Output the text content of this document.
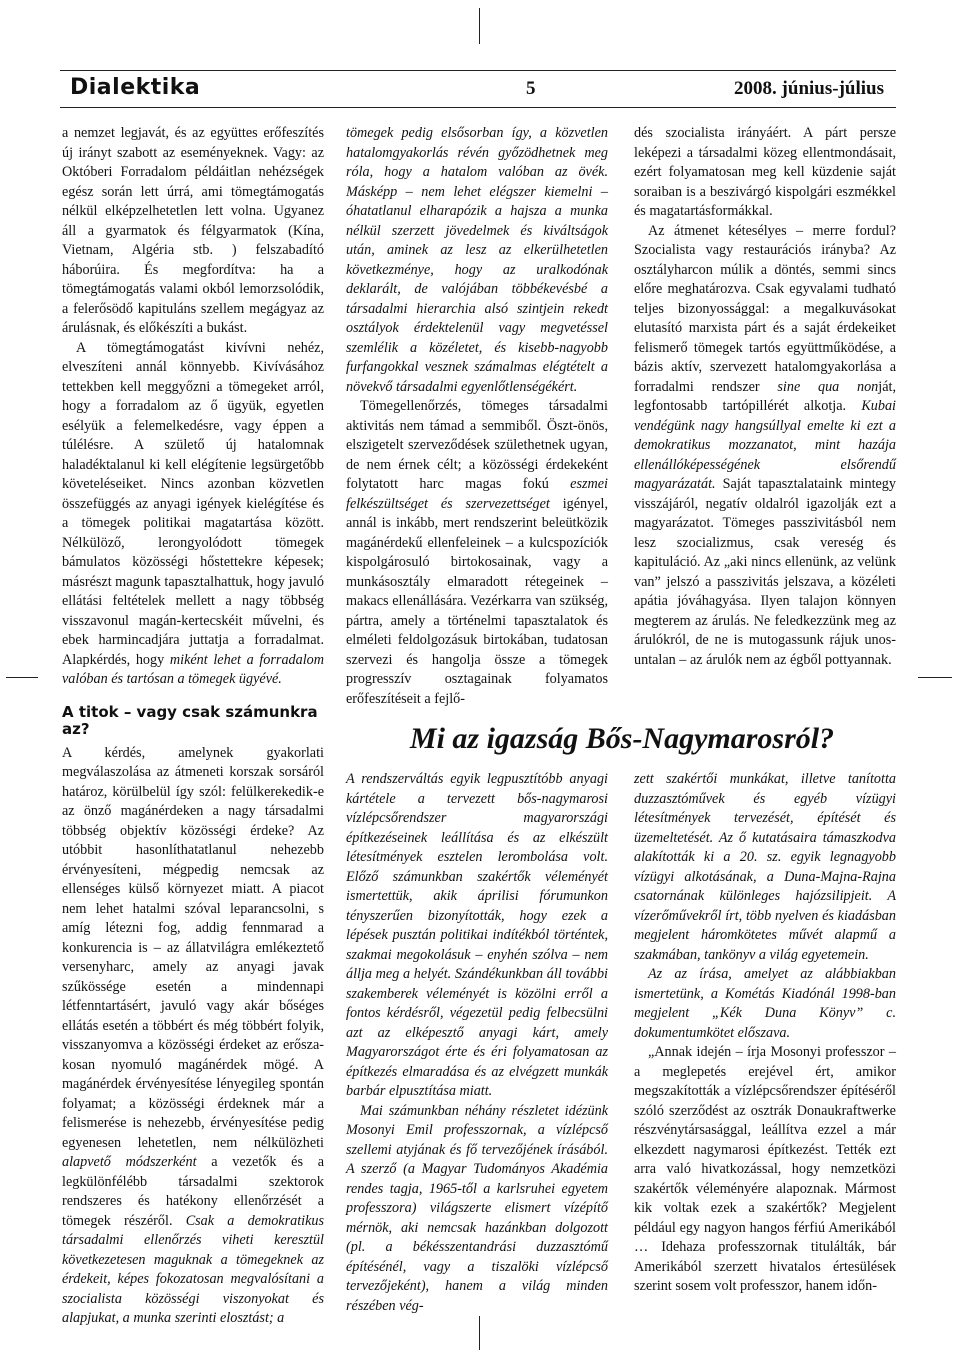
Dialektika	5	2008. június-július

a nemzet legjavát, és az együttes erőfeszítés új irányt szabott az eseményeknek. Vagy: az Októberi Forradalom példáitlan nehézségek egész során lett úrrá, ami tömegtámogatás nélkül elképzelhetetlen lett volna. Ugyanez áll a gyarmatok és félgyarmatok (Kína, Vietnam, Algéria stb. ) felszabadító háborúira. És megfordítva: ha a tömegtámogatás valami okból lemorzsolódik, a felerősödő kapituláns szellem megágyaz az árulásnak, és előkészíti a bukást.

A tömegtámogatást kivívni nehéz, elveszíteni annál könnyebb. Kivívásához tettekben kell meggyőzni a tömegeket arról, hogy a forradalom az ő ügyük, egyetlen esélyük a felemelkedésre, vagy éppen a túlélésre. A születő új hatalomnak haladéktalanul ki kell elégítenie legsürgetőbb követeléseiket. Nincs azonban közvetlen összefüggés az anyagi igények kielégítése és a tömegek politikai magatartása között. Nélkülöző, lerongyolódott tömegek bámulatos közösségi hőstettekre képesek; másrészt magunk tapasztalhattuk, hogy javuló ellátási feltételek mellett a nagy többség visszavonul magán-kertecskéit művelni, és ebek harmincadjára juttatja a forradalmat. Alapkérdés, hogy miként lehet a forradalom valóban és tartósan a tömegek ügyévé.

A titok – vagy csak számunkra az?

A kérdés, amelynek gyakorlati megválaszolása az átmeneti korszak sorsáról határoz, körülbelül így szól: felülkerekedik-e az önző magánérdeken a nagy társadalmi többség objektív közösségi érdeke? Az utóbbit hasonlíthatatlanul nehezebb érvényesíteni, mégpedig nemcsak az ellenséges külső környezet miatt. A piacot nem lehet hatalmi szóval leparancsolni, s amíg létezni fog, addig fennmarad a konkurencia is – az állatvilágra emlékeztető versenyharc, amely az anyagi javak szűkössége esetén a mindennapi létfenntartásért, javuló vagy akár bőséges ellátás esetén a többért és még többért folyik, visszanyomva a közösségi érdeket az erősza-kosan nyomuló magánérdek mögé. A magánérdek érvényesítése lényegileg spontán folyamat; a közösségi érdeknek már a felismerése is nehezebb, érvényesítése pedig egyenesen lehetetlen, nem nélkülözheti alapvető módszerként a vezetők és a legkülönfélébb társadalmi szektorok rendszeres és hatékony ellenőrzését a tömegek részéről. Csak a demokratikus társadalmi ellenőrzés viheti keresztül következetesen maguknak a tömegeknek az érdekeit, képes fokozatosan megvalósítani a szocialista közösségi viszonyokat és alapjukat, a munka szerinti elosztást; a

tömegek pedig elsősorban így, a közvetlen hatalomgyakorlás révén győzödhetnek meg róla, hogy a hatalom valóban az övék. Másképp – nem lehet elégszer kiemelni – óhatatlanul elharapózik a hajsza a munka nélkül szerzett jövedelmek és kiváltságok után, aminek az lesz az elkerülhetetlen következménye, hogy az uralkodónak deklarált, de valójában többékevésbé a társadalmi hierarchia alsó szintjein rekedt osztályok érdektelenül vagy megvetéssel szemlélik a közéletet, és kisebb-nagyobb furfangokkal vesznek számalmas elégtételt a növekvő társadalmi egyenlőtlenségékért.

Tömegellenőrzés, tömeges társadalmi aktivitás nem támad a semmiből. Öszt-önös, elszigetelt szerveződések születhetnek ugyan, de nem érnek célt; a közösségi érdekeként folytatott harc magas fokú eszmei felkészültséget és szervezettséget igényel, annál is inkább, mert rendszerint beleütközik magánérdekű ellenfeleinek – a kulcspozíciók kispolgárosuló birtokosainak, vagy a munkásosztály elmaradott rétegeinek – makacs ellenállására. Vezérkarra van szükség, pártra, amely a történelmi tapasztalatok és elméleti feldolgozásuk birtokában, tudatosan szervezi és hangolja össze a tömegek progresszív osztagainak folyamatos erőfeszítéseit a fejlő-

dés szocialista irányáért. A párt persze leképezi a társadalmi közeg ellentmondásait, ezért folyamatosan meg kell küzdenie saját soraiban is a beszivárgó kispolgári eszmékkel és magatartásformákkal.

Az átmenet kétesélyes – merre fordul? Szocialista vagy restaurációs irányba? Az osztályharcon múlik a döntés, semmi sincs előre meghatározva. Csak egyvalami tudható teljes bizonyossággal: a megalkuvásokat elutasító marxista párt és a saját érdekeiket felismerő tömegek tartós együttműködése, a bázis aktív, szervezett hatalomgyakorlása a forradalmi rendszer sine qua nonját, legfontosabb tartópillérét alkotja. Kubai vendégünk nagy hangsúllyal emelte ki ezt a demokratikus mozzanatot, mint hazája ellenállóképességének elsőrendű magyarázatát. Saját tapasztalataink mintegy visszájáról, negatív oldalról igazolják ezt a magyarázatot. Tömeges passzivitásból nem lesz szocializmus, csak vereség és kapituláció. Az „aki nincs ellenünk, az velünk van” jelszó a passzivitás jelszava, a közéleti apátia jóváhagyása. Ilyen talajon könnyen megterem az árulás. Ne feledkezzünk meg az árulókról, de ne is mutogassunk rájuk unos-untalan – az árulók nem az égből pottyannak.

Mi az igazság Bős-Nagymarosról?

A rendszerváltás egyik legpusztítóbb anyagi kártétele a tervezett bős-nagymarosi vízlépcsőrendszer magyarországi építkezéseinek leállítása és az elkészült létesítmények esztelen lerombolása volt. Előző számunkban szakértők véleményét ismertettük, akik áprilisi fórumunkon tényszerűen bizonyították, hogy ezek a lépések pusztán politikai indítékból történtek, szakmai megokolásuk – enyhén szólva – nem állja meg a helyét. Szándékunkban áll további szakemberek véleményét is közölni erről a fontos kérdésről, végezetül pedig felbecsülni azt az elképesztő anyagi kárt, amely Magyarországot érte és éri folyamatosan az építkezés elmaradása és az elvégzett munkák barbár elpusztítása miatt.

Mai számunkban néhány részletet idézünk Mosonyi Emil professzornak, a vízlépcső szellemi atyjának és fő tervezőjének írásából. A szerző (a Magyar Tudományos Akadémia rendes tagja, 1965-től a karlsruhei egyetem professzora) világszerte elismert vízépítő mérnök, aki nemcsak hazánkban dolgozott (pl. a békésszentandrási duzzasztómű építésénél, vagy a tiszalöki vízlépcső tervezőjeként), hanem a világ minden részében vég-

zett szakértői munkákat, illetve tanította duzzasztóművek és egyéb vízügyi létesítmények tervezését, építését és üzemeltetését. Az ő kutatásaira támaszkodva alakították ki a 20. sz. egyik legnagyobb vízügyi alkotásának, a Duna-Majna-Rajna csatornának különleges hajózsilipjeit. A vízerőművekről írt, több nyelven és kiadásban megjelent háromkötetes művét alapmű a szakmában, tankönyv a világ egyetemein.

Az az írása, amelyet az alábbiakban ismertetünk, a Kométás Kiadónál 1998-ban megjelent „Kék Duna Könyv” c. dokumentumkötet előszava.

„Annak idején – írja Mosonyi professzor – a meglepetés erejével ért, amikor megszakították a vízlépcsőrendszer építéséről szóló szerződést az osztrák Donaukraftwerke részvénytársasággal, leállítva ezzel a már elkezdett nagymarosi építkezést. Tették ezt arra való hivatkozással, hogy nemzetközi szakértők véleményére alapoznak. Mármost kik voltak ezek a szakértők? Megjelent például egy nagyon hangos férfiú Amerikából … Idehaza professzornak titulálták, bár Amerikából szerzett hivatalos értesülések szerint sosem volt professzor, hanem időn-
